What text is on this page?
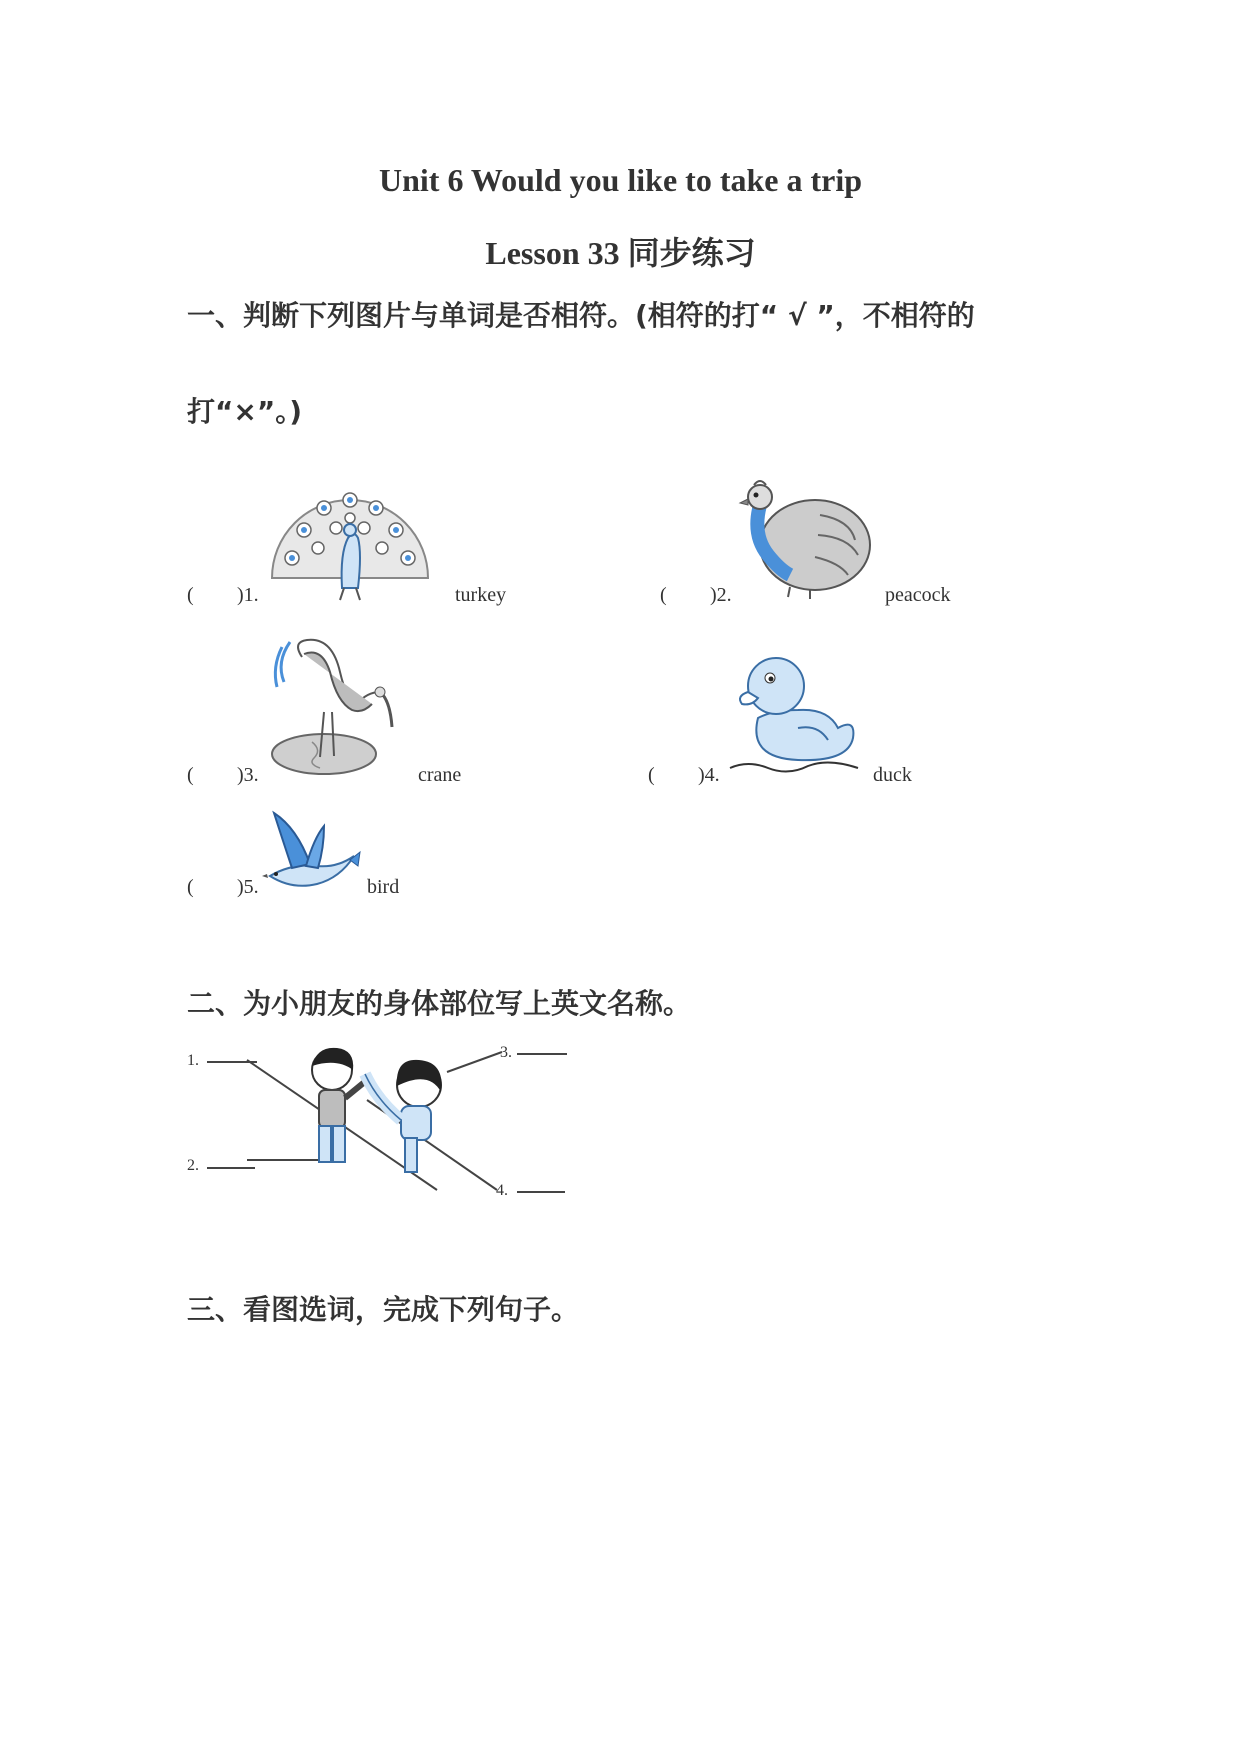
Unit 6 Would you like to take a trip
Lesson 33 同步练习
一、判断下列图片与单词是否相符。(相符的打“ √ ”，不相符的
打“×”。)
( )1.	turkey	( )2.	peacock
( )3.	crane	( )4.	duck
( )5.	bird
二、为小朋友的身体部位写上英文名称。
1.
2.
3.
4.
三、看图选词，完成下列句子。
